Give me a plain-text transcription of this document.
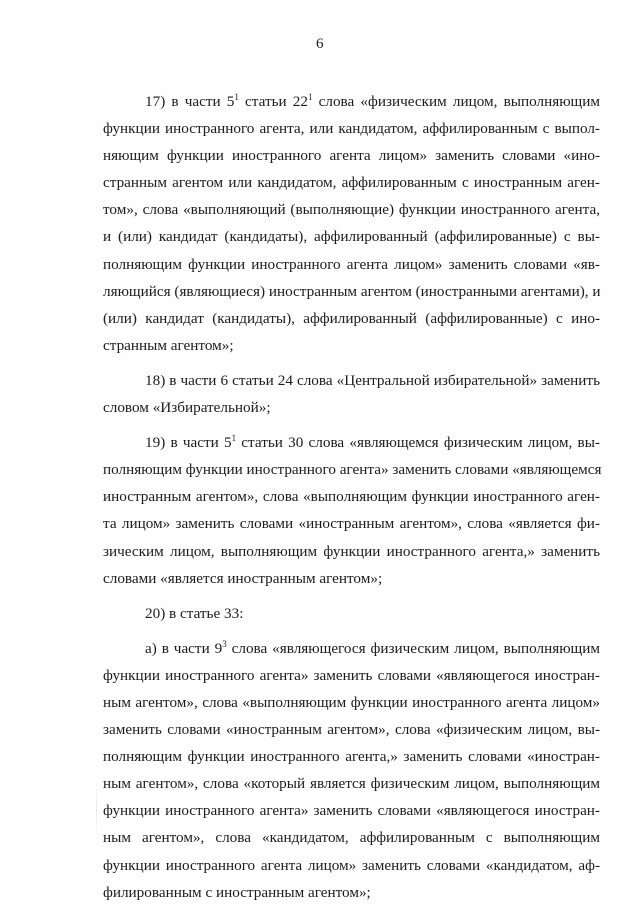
6
17) в части $5^1$ статьи $22^1$ слова «физическим лицом, выполняющим
функции иностранного агента, или кандидатом, аффилированным с выпол-
няющим функции иностранного агента лицом» заменить словами «ино-
странным агентом или кандидатом, аффилированным с иностранным аген-
том», слова «выполняющий (выполняющие) функции иностранного агента,
и (или) кандидат (кандидаты), аффилированный (аффилированные) с вы-
полняющим функции иностранного агента лицом» заменить словами «яв-
ляющийся (являющиеся) иностранным агентом (иностранными агентами), и
(или) кандидат (кандидаты), аффилированный (аффилированные) с ино-
странным агентом»;
18) в части 6 статьи 24 слова «Центральной избирательной» заменить
словом «Избирательной»;
19) в части $5^1$ статьи 30 слова «являющемся физическим лицом, вы-
полняющим функции иностранного агента» заменить словами «являющемся
иностранным агентом», слова «выполняющим функции иностранного аген-
та лицом» заменить словами «иностранным агентом», слова «является фи-
зическим лицом, выполняющим функции иностранного агента,» заменить
словами «является иностранным агентом»;
20) в статье 33:
а) в части $9^3$ слова «являющегося физическим лицом, выполняющим
функции иностранного агента» заменить словами «являющегося иностран-
ным агентом», слова «выполняющим функции иностранного агента лицом»
заменить словами «иностранным агентом», слова «физическим лицом, вы-
полняющим функции иностранного агента,» заменить словами «иностран-
ным агентом», слова «который является физическим лицом, выполняющим
функции иностранного агента» заменить словами «являющегося иностран-
ным агентом», слова «кандидатом, аффилированным с выполняющим
функции иностранного агента лицом» заменить словами «кандидатом, аф-
филированным с иностранным агентом»;
